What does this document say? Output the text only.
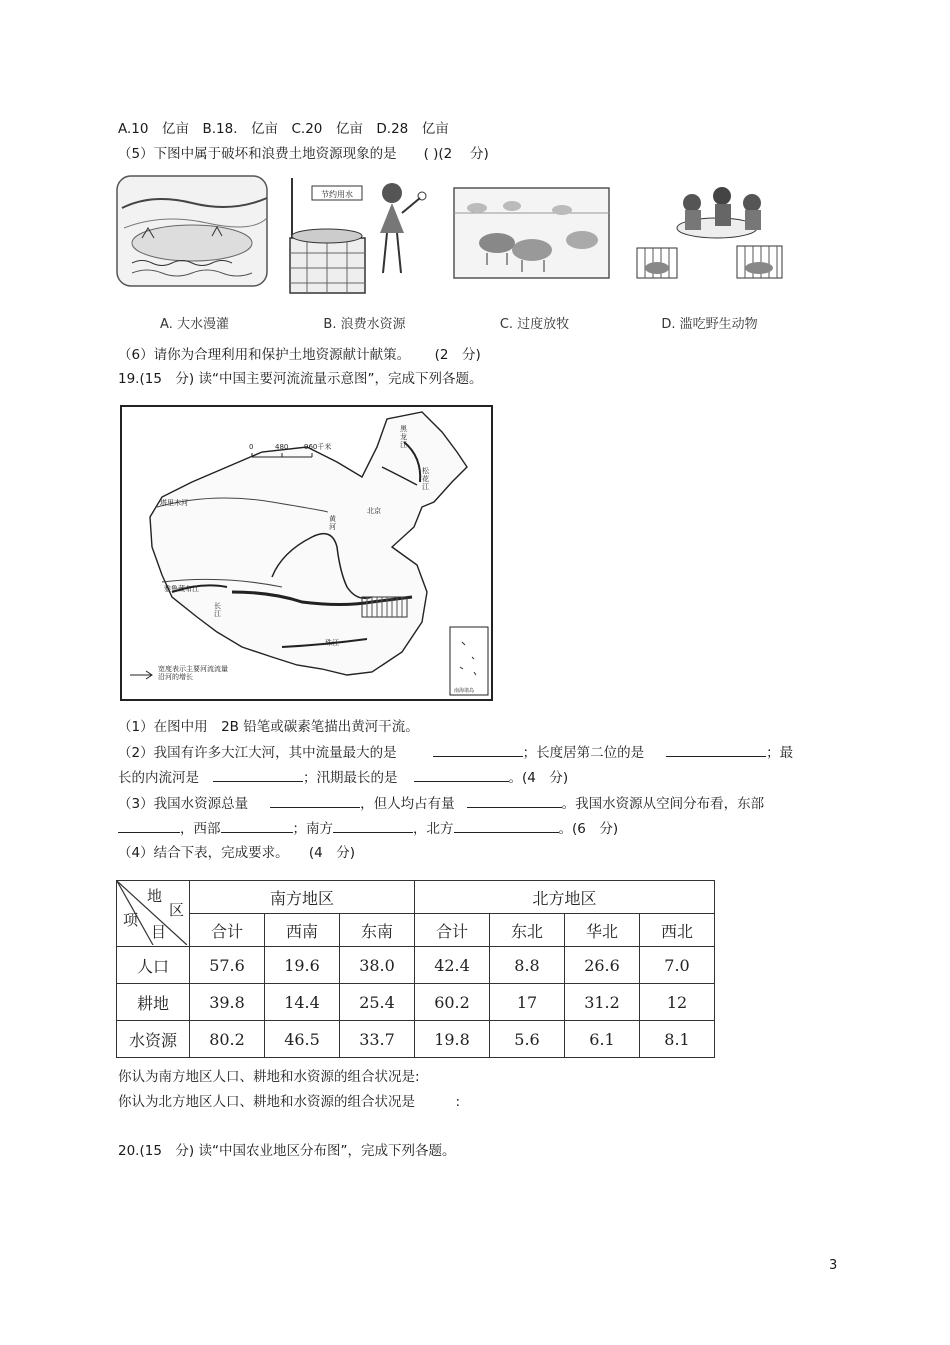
A.10　亿亩　B.18.　亿亩　C.20　亿亩　D.28　亿亩
（5）下图中属于破坏和浪费土地资源现象的是　　( )(2　 分)
A. 大水漫灌
节约用水
B. 浪费水资源	C. 过度放牧	D. 滥吃野生动物
（6）请你为合理利用和保护土地资源献计献策。　　 (2　分)
19.(15　分) 读“中国主要河流流量示意图”，完成下列各题。
0	480 960千米
黑龙江
松花江
塔里木河
北京
黄河
雅鲁藏布江
长江
珠江
宽度表示主要河流流量沿河的增长
南海诸岛
（1）在图中用　2B 铅笔或碳素笔描出黄河干流。
（2）我国有许多大江大河，其中流量最大的是	；长度居第二位的是	；最
长的内流河是	；汛期最长的是	。(4　分)
（3）我国水资源总量	，但人均占有量	。我国水资源从空间分布看，东部
，西部	；南方	，北方	。(6　分)
（4）结合下表，完成要求。　　(4　分)
地
区
项
目	南方地区			北方地区			
	合计	西南	东南	合计	东北	华北	西北
人口	57.6	19.6	38.0	42.4	8.8	26.6	7.0
耕地	39.8	14.4	25.4	60.2	17	31.2	12
水资源	80.2	46.5	33.7	19.8	5.6	6.1	8.1
你认为南方地区人口、耕地和水资源的组合状况是:
你认为北方地区人口、耕地和水资源的组合状况是　　　:
20.(15　分) 读“中国农业地区分布图”，完成下列各题。
3
